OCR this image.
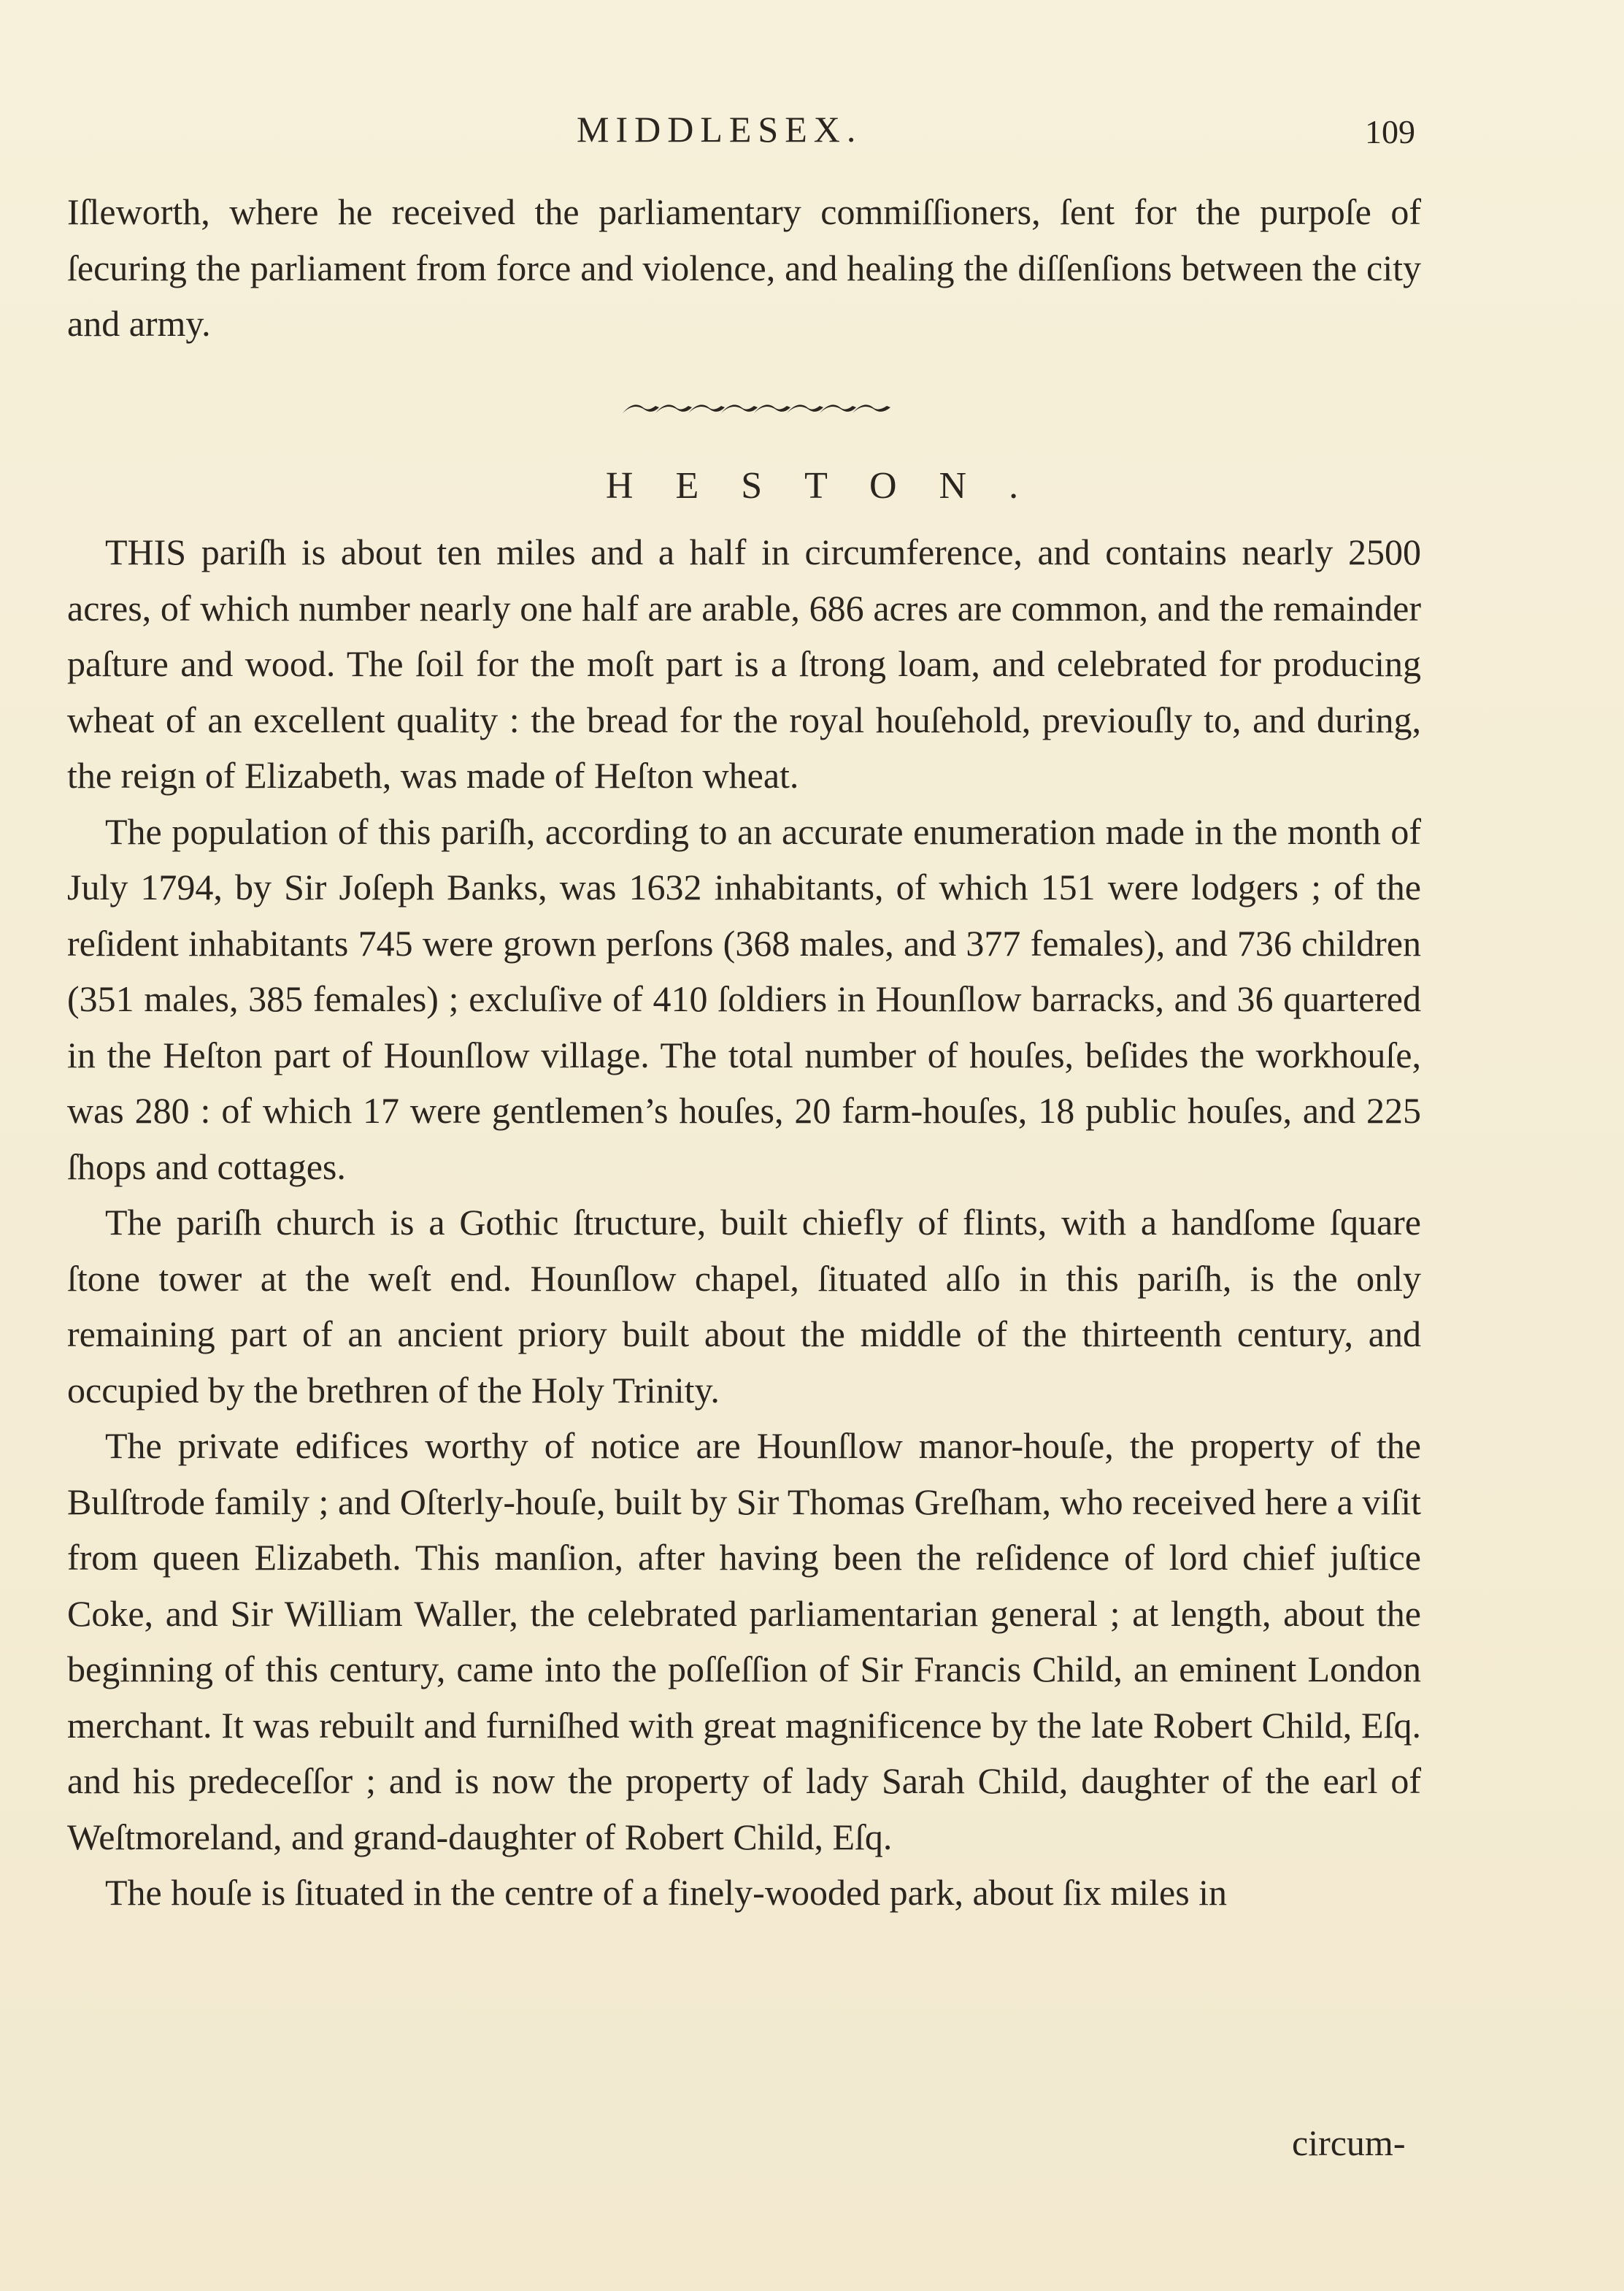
MIDDLESEX.	109

Iſleworth, where he received the parliamentary commiſſioners, ſent for the purpoſe of ſecuring the parliament from force and violence, and healing the diſſenſions between the city and army.

HESTON.

THIS pariſh is about ten miles and a half in circumference, and contains nearly 2500 acres, of which number nearly one half are arable, 686 acres are common, and the remainder paſture and wood. The ſoil for the moſt part is a ſtrong loam, and celebrated for producing wheat of an excellent quality : the bread for the royal houſehold, previouſly to, and during, the reign of Elizabeth, was made of Heſton wheat.

The population of this pariſh, according to an accurate enumeration made in the month of July 1794, by Sir Joſeph Banks, was 1632 inhabitants, of which 151 were lodgers ; of the reſident inhabitants 745 were grown perſons (368 males, and 377 females), and 736 children (351 males, 385 females) ; excluſive of 410 ſoldiers in Hounſlow barracks, and 36 quartered in the Heſton part of Hounſlow village. The total number of houſes, beſides the workhouſe, was 280 : of which 17 were gentlemen’s houſes, 20 farm-houſes, 18 public houſes, and 225 ſhops and cottages.

The pariſh church is a Gothic ſtructure, built chiefly of flints, with a handſome ſquare ſtone tower at the weſt end. Hounſlow chapel, ſituated alſo in this pariſh, is the only remaining part of an ancient priory built about the middle of the thirteenth century, and occupied by the brethren of the Holy Trinity.

The private edifices worthy of notice are Hounſlow manor-houſe, the property of the Bulſtrode family ; and Oſterly-houſe, built by Sir Thomas Greſham, who received here a viſit from queen Elizabeth. This manſion, after having been the reſidence of lord chief juſtice Coke, and Sir William Waller, the celebrated parliamentarian general ; at length, about the beginning of this century, came into the poſſeſſion of Sir Francis Child, an eminent London merchant. It was rebuilt and furniſhed with great magnificence by the late Robert Child, Eſq. and his predeceſſor ; and is now the property of lady Sarah Child, daughter of the earl of Weſtmoreland, and grand-daughter of Robert Child, Eſq.

The houſe is ſituated in the centre of a finely-wooded park, about ſix miles in

circum-
